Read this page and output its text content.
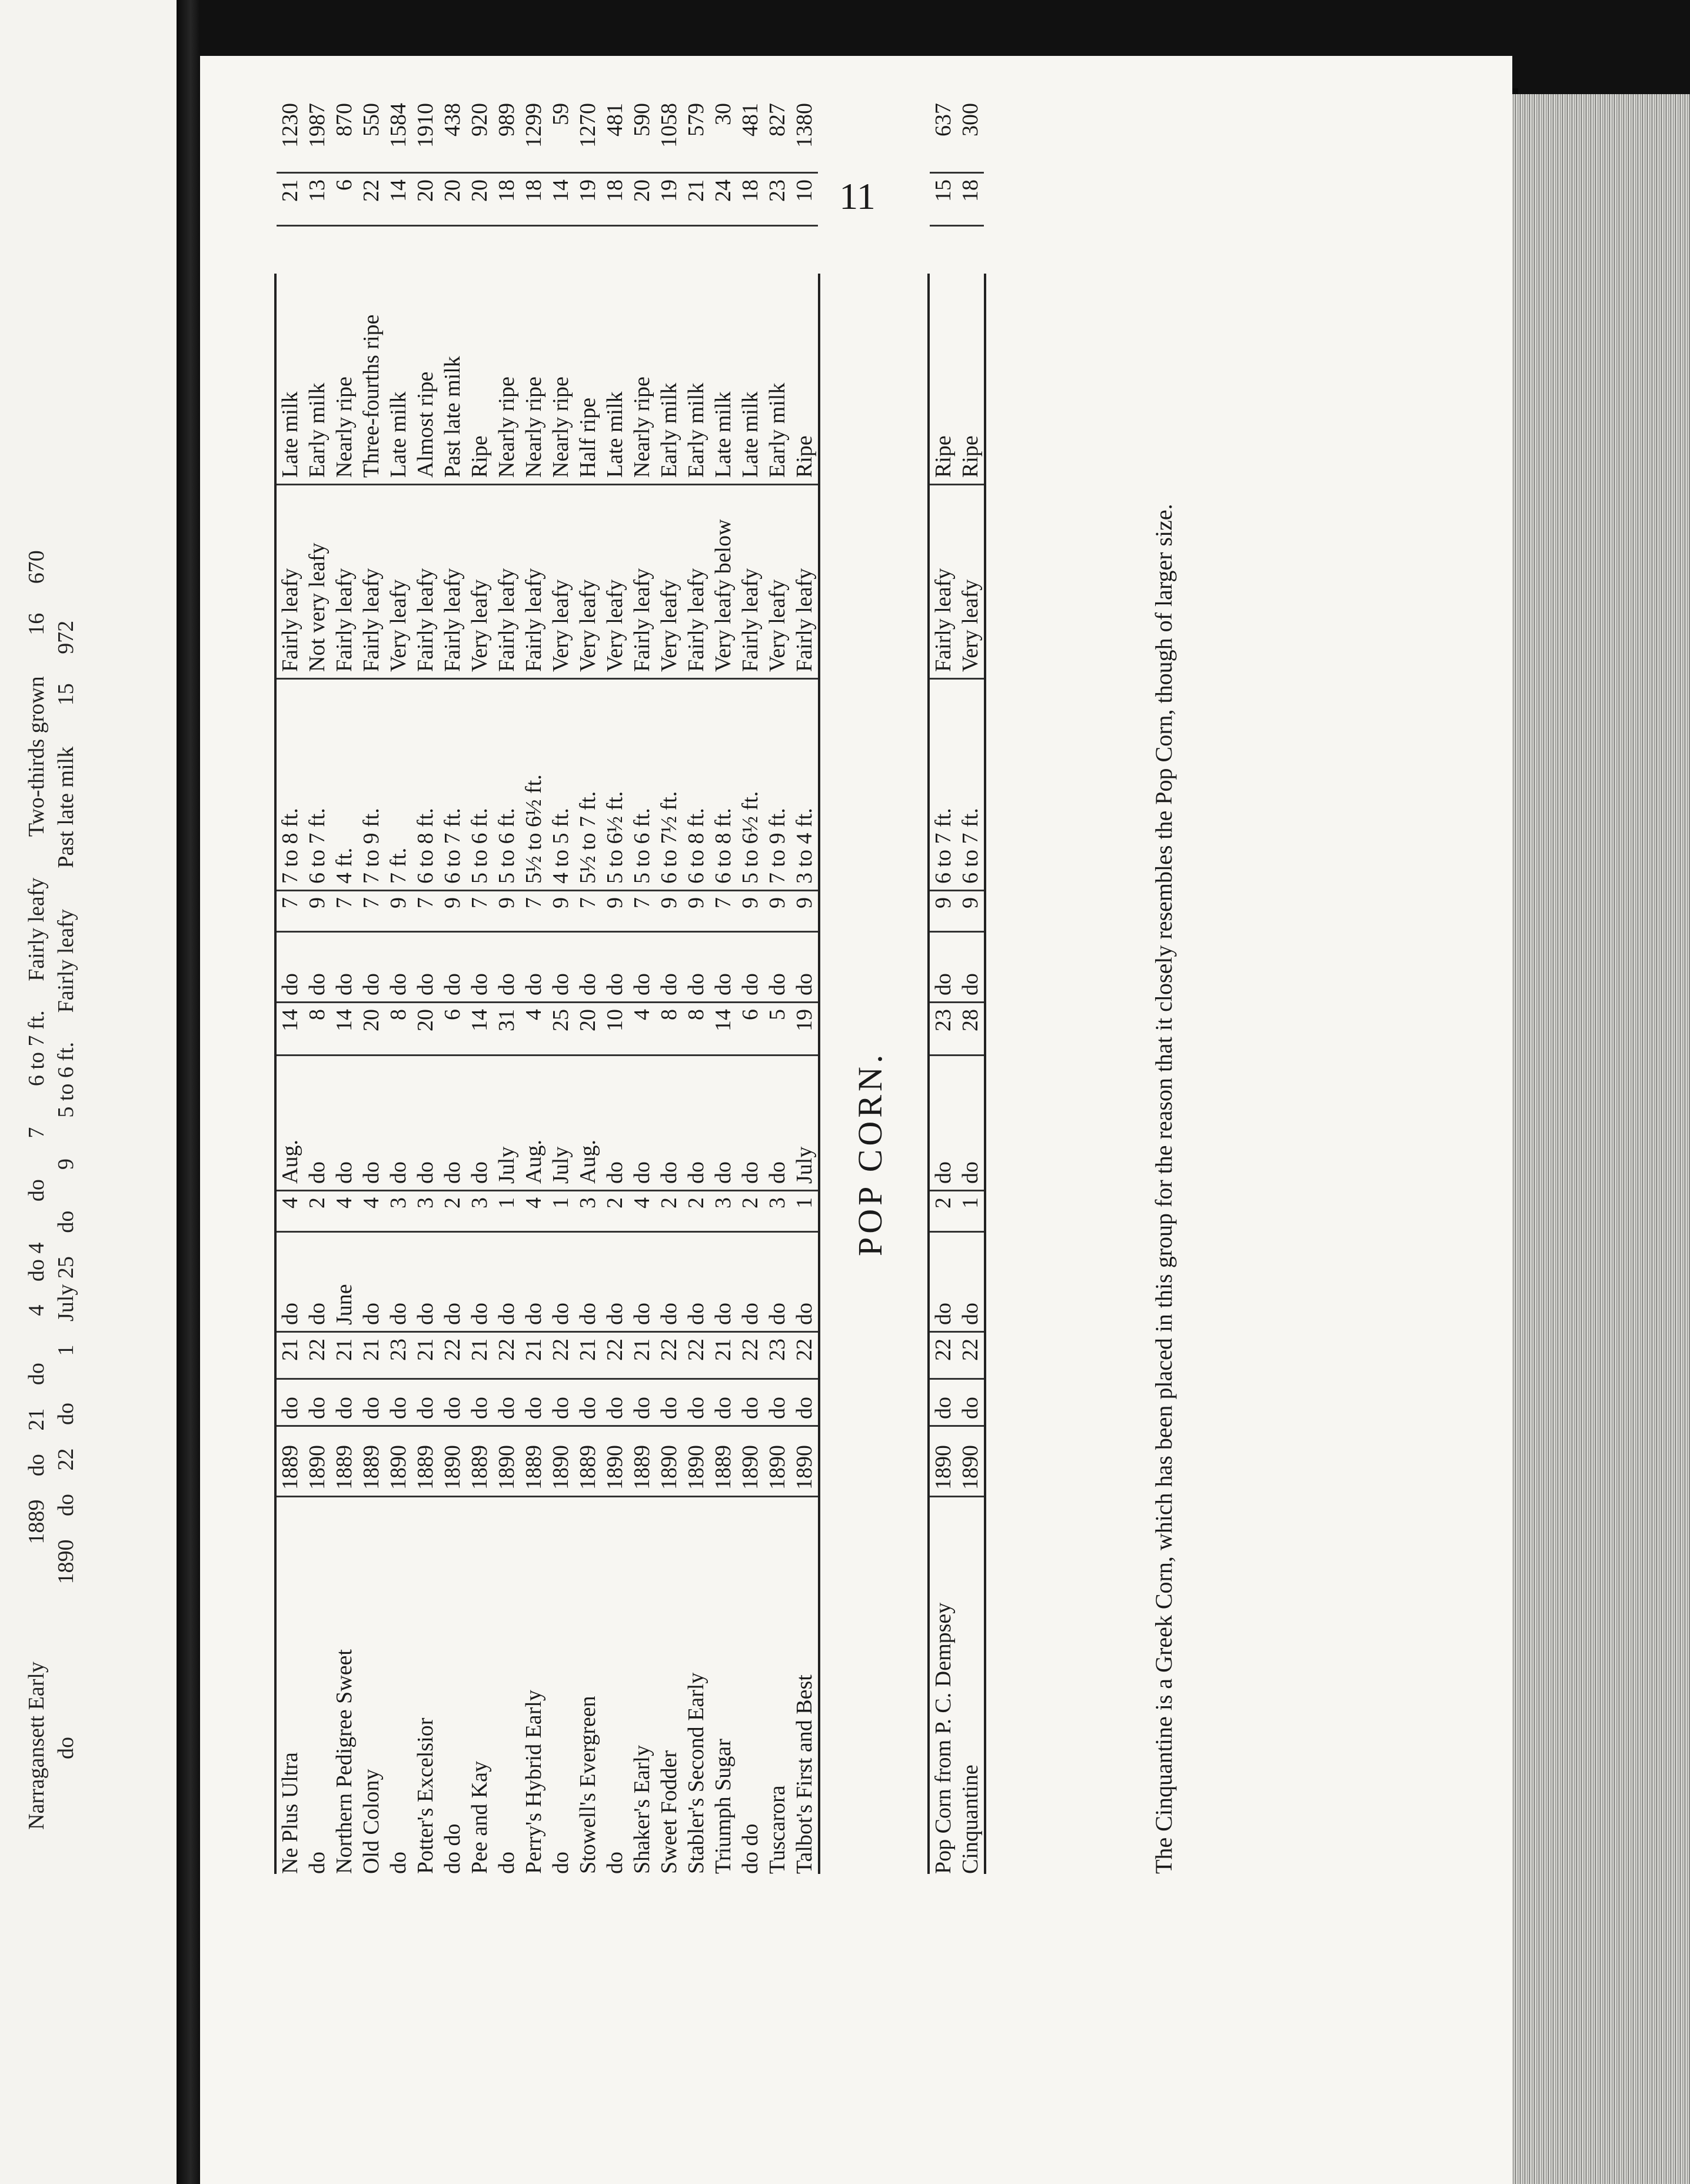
Narragansett Early 1889 do 21 do 4 do 4 do 7 6 to 7 ft. Fairly leafy Two-thirds grown 16 670
do 1890 do 22 do 1 July 25 do 9 5 to 6 ft. Fairly leafy Past late milk 15 972
11
Ne Plus Ultra
1889
do
21
do
4
Aug.
14
do
7
7 to 8 ft.
Fairly leafy
Late milk
21
1230
do
1890
do
22
do
2
do
8
do
9
6 to 7 ft.
Not very leafy
Early milk
13
1987
Northern Pedigree Sweet
1889
do
21
June
4
do
14
do
7
4 ft.
Fairly leafy
Nearly ripe
6
870
Old Colony
1889
do
21
do
4
do
20
do
7
7 to 9 ft.
Fairly leafy
Three-fourths ripe
22
550
do
1890
do
23
do
3
do
8
do
9
7 ft.
Very leafy
Late milk
14
1584
Potter's Excelsior
1889
do
21
do
3
do
20
do
7
6 to 8 ft.
Fairly leafy
Almost ripe
20
1910
do do
1890
do
22
do
2
do
6
do
9
6 to 7 ft.
Fairly leafy
Past late milk
20
438
Pee and Kay
1889
do
21
do
3
do
14
do
7
5 to 6 ft.
Very leafy
Ripe
20
920
do
1890
do
22
do
1
July
31
do
9
5 to 6 ft.
Fairly leafy
Nearly ripe
18
989
Perry's Hybrid Early
1889
do
21
do
4
Aug.
4
do
7
5½ to 6½ ft.
Fairly leafy
Nearly ripe
18
1299
do
1890
do
22
do
1
July
25
do
9
4 to 5 ft.
Very leafy
Nearly ripe
14
59
Stowell's Evergreen
1889
do
21
do
3
Aug.
20
do
7
5½ to 7 ft.
Very leafy
Half ripe
19
1270
do
1890
do
22
do
2
do
10
do
9
5 to 6½ ft.
Very leafy
Late milk
18
481
Shaker's Early
1889
do
21
do
4
do
4
do
7
5 to 6 ft.
Fairly leafy
Nearly ripe
20
590
Sweet Fodder
1890
do
22
do
2
do
8
do
9
6 to 7½ ft.
Very leafy
Early milk
19
1058
Stabler's Second Early
1890
do
22
do
2
do
8
do
9
6 to 8 ft.
Fairly leafy
Early milk
21
579
Triumph Sugar
1889
do
21
do
3
do
14
do
7
6 to 8 ft.
Very leafy below
Late milk
24
30
do do
1890
do
22
do
2
do
6
do
9
5 to 6½ ft.
Fairly leafy
Late milk
18
481
Tuscarora
1890
do
23
do
3
do
5
do
9
7 to 9 ft.
Very leafy
Early milk
23
827
Talbot's First and Best
1890
do
22
do
1
July
19
do
9
3 to 4 ft.
Fairly leafy
Ripe
10
1380
POP CORN.
Pop Corn from P. C. Dempsey
1890
do
22
do
2
do
23
do
9
6 to 7 ft.
Fairly leafy
Ripe
15
637
Cinquantine
1890
do
22
do
1
do
28
do
9
6 to 7 ft.
Very leafy
Ripe
18
300
The Cinquantine is a Greek Corn, which has been placed in this group for the reason that it closely resembles the Pop Corn, though of larger size.
